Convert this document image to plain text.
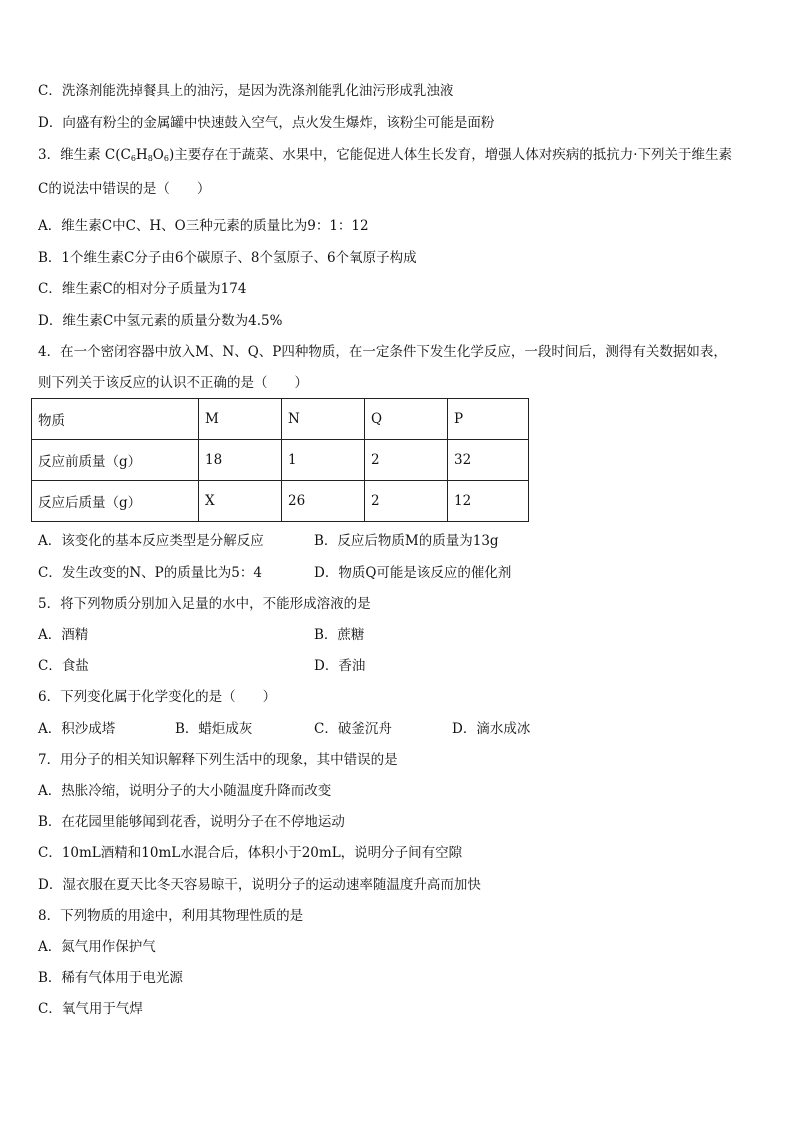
C．洗涤剂能洗掉餐具上的油污，是因为洗涤剂能乳化油污形成乳浊液
D．向盛有粉尘的金属罐中快速鼓入空气，点火发生爆炸，该粉尘可能是面粉
3．维生素 $C(C_6H_8O_6)$主要存在于蔬菜、水果中，它能促进人体生长发育，增强人体对疾病的抵抗力·下列关于维生素
C的说法中错误的是（　　）
A．维生素C中C、H、O三种元素的质量比为9：1：12
B．1个维生素C分子由6个碳原子、8个氢原子、6个氧原子构成
C．维生素C的相对分子质量为174
D．维生素C中氢元素的质量分数为4.5%
4．在一个密闭容器中放入M、N、Q、P四种物质，在一定条件下发生化学反应，一段时间后，测得有关数据如表，
则下列关于该反应的认识不正确的是（　　）
物质	M	N	Q	P
反应前质量（g）	18	1	2	32
反应后质量（g）	X	26	2	12
A．该变化的基本反应类型是分解反应	B．反应后物质M的质量为13g
C．发生改变的N、P的质量比为5：4	D．物质Q可能是该反应的催化剂
5．将下列物质分别加入足量的水中，不能形成溶液的是
A．酒精	B．蔗糖
C．食盐	D．香油
6．下列变化属于化学变化的是（　　）
A．积沙成塔	B．蜡炬成灰	C．破釜沉舟	D．滴水成冰
7．用分子的相关知识解释下列生活中的现象，其中错误的是
A．热胀冷缩，说明分子的大小随温度升降而改变
B．在花园里能够闻到花香，说明分子在不停地运动
C．10mL酒精和10mL水混合后，体积小于20mL，说明分子间有空隙
D．湿衣服在夏天比冬天容易晾干，说明分子的运动速率随温度升高而加快
8．下列物质的用途中，利用其物理性质的是
A．氮气用作保护气
B．稀有气体用于电光源
C．氧气用于气焊
